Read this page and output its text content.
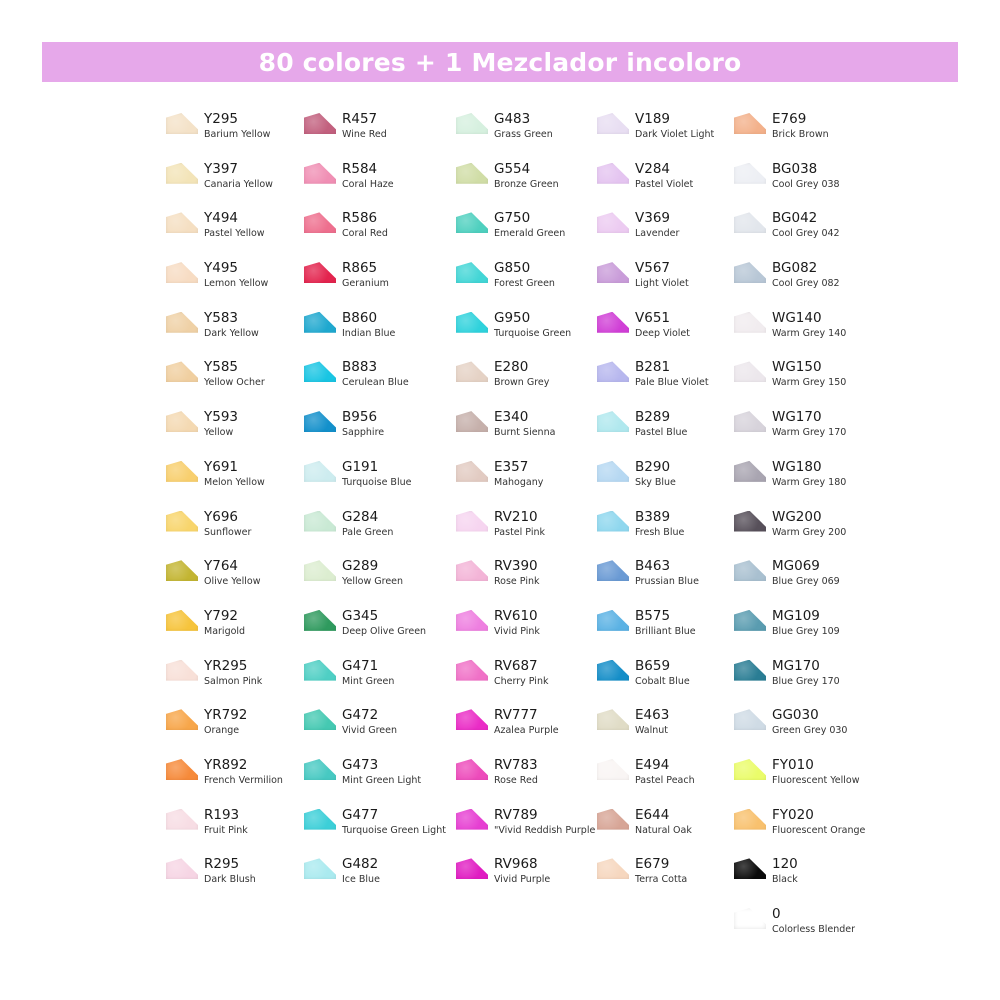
80 colores + 1 Mezclador incoloro
Y295
Barium Yellow
Y397
Canaria Yellow
Y494
Pastel Yellow
Y495
Lemon Yellow
Y583
Dark Yellow
Y585
Yellow Ocher
Y593
Yellow
Y691
Melon Yellow
Y696
Sunflower
Y764
Olive Yellow
Y792
Marigold
YR295
Salmon Pink
YR792
Orange
YR892
French Vermilion
R193
Fruit Pink
R295
Dark Blush
R457
Wine Red
R584
Coral Haze
R586
Coral Red
R865
Geranium
B860
Indian Blue
B883
Cerulean Blue
B956
Sapphire
G191
Turquoise Blue
G284
Pale Green
G289
Yellow Green
G345
Deep Olive Green
G471
Mint Green
G472
Vivid Green
G473
Mint Green Light
G477
Turquoise Green Light
G482
Ice Blue
G483
Grass Green
G554
Bronze Green
G750
Emerald Green
G850
Forest Green
G950
Turquoise Green
E280
Brown Grey
E340
Burnt Sienna
E357
Mahogany
RV210
Pastel Pink
RV390
Rose Pink
RV610
Vivid Pink
RV687
Cherry Pink
RV777
Azalea Purple
RV783
Rose Red
RV789
"Vivid Reddish Purple
RV968
Vivid Purple
V189
Dark Violet Light
V284
Pastel Violet
V369
Lavender
V567
Light Violet
V651
Deep Violet
B281
Pale Blue Violet
B289
Pastel Blue
B290
Sky Blue
B389
Fresh Blue
B463
Prussian Blue
B575
Brilliant Blue
B659
Cobalt Blue
E463
Walnut
E494
Pastel Peach
E644
Natural Oak
E679
Terra Cotta
E769
Brick Brown
BG038
Cool Grey 038
BG042
Cool Grey 042
BG082
Cool Grey 082
WG140
Warm Grey 140
WG150
Warm Grey 150
WG170
Warm Grey 170
WG180
Warm Grey 180
WG200
Warm Grey 200
MG069
Blue Grey 069
MG109
Blue Grey 109
MG170
Blue Grey 170
GG030
Green Grey 030
FY010
Fluorescent Yellow
FY020
Fluorescent Orange
120
Black
0
Colorless Blender
